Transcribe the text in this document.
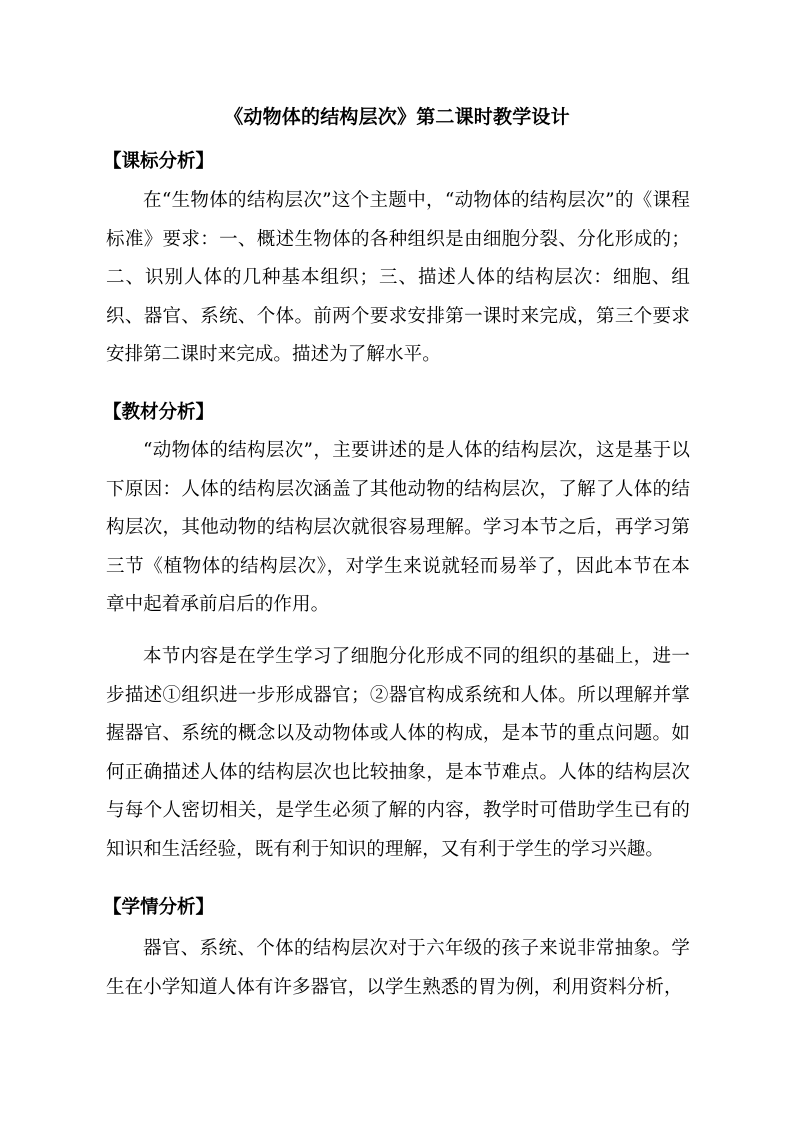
《动物体的结构层次》第二课时教学设计
【课标分析】

在“生物体的结构层次”这个主题中，“动物体的结构层次”的《课程标准》要求：一、概述生物体的各种组织是由细胞分裂、分化形成的；二、识别人体的几种基本组织；三、描述人体的结构层次：细胞、组织、器官、系统、个体。前两个要求安排第一课时来完成，第三个要求安排第二课时来完成。描述为了解水平。

【教材分析】

“动物体的结构层次”，主要讲述的是人体的结构层次，这是基于以下原因：人体的结构层次涵盖了其他动物的结构层次，了解了人体的结构层次，其他动物的结构层次就很容易理解。学习本节之后，再学习第三节《植物体的结构层次》，对学生来说就轻而易举了，因此本节在本章中起着承前启后的作用。

本节内容是在学生学习了细胞分化形成不同的组织的基础上，进一步描述①组织进一步形成器官；②器官构成系统和人体。所以理解并掌握器官、系统的概念以及动物体或人体的构成，是本节的重点问题。如何正确描述人体的结构层次也比较抽象，是本节难点。人体的结构层次与每个人密切相关，是学生必须了解的内容，教学时可借助学生已有的知识和生活经验，既有利于知识的理解，又有利于学生的学习兴趣。

【学情分析】

器官、系统、个体的结构层次对于六年级的孩子来说非常抽象。学生在小学知道人体有许多器官，以学生熟悉的胃为例，利用资料分析，
